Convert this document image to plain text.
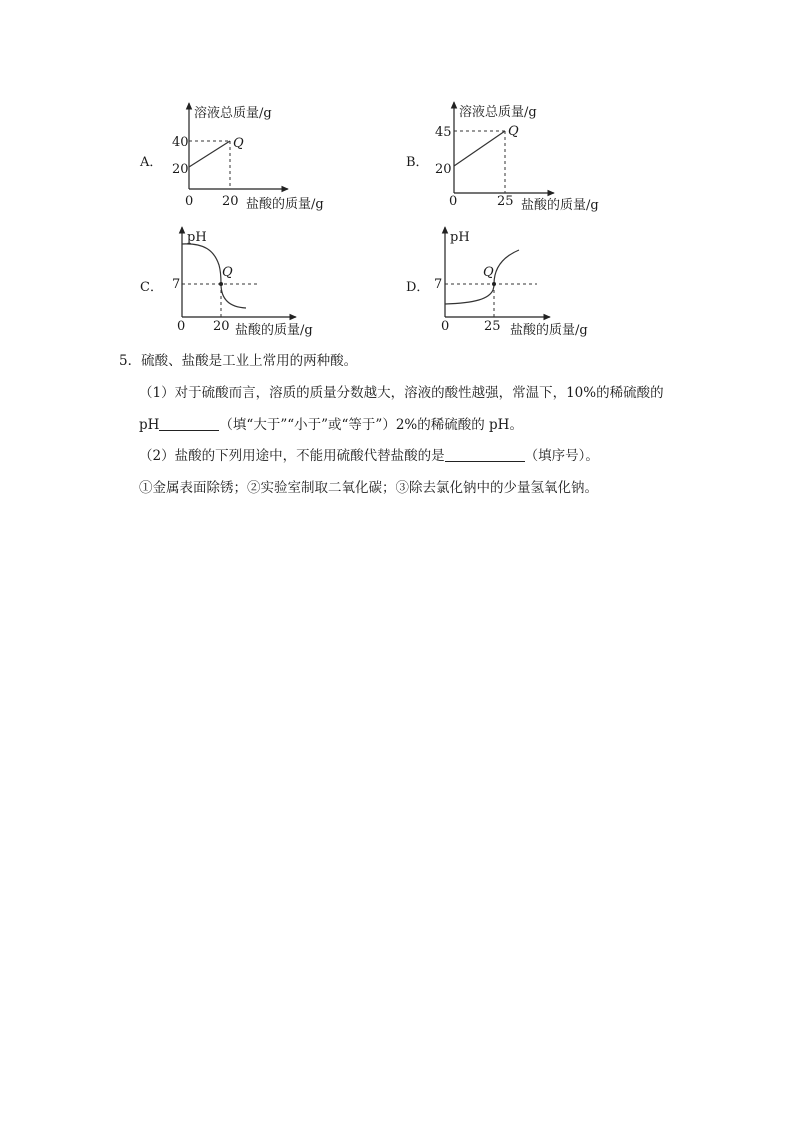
A．
溶液总质量/g
盐酸的质量/g
40
20
0 20
Q
B．
溶液总质量/g
盐酸的质量/g
45
20
0	25
Q
C．
pH
盐酸的质量/g
7
0 20
Q
D．
pH
盐酸的质量/g
7
0	25
Q
5．硫酸、盐酸是工业上常用的两种酸。
（1）对于硫酸而言，溶质的质量分数越大，溶液的酸性越强，常温下，10%的稀硫酸的
pH	（填“大于”“小于”或“等于”）2%的稀硫酸的 pH。
（2）盐酸的下列用途中，不能用硫酸代替盐酸的是	（填序号）。
①金属表面除锈；②实验室制取二氧化碳；③除去氯化钠中的少量氢氧化钠。
